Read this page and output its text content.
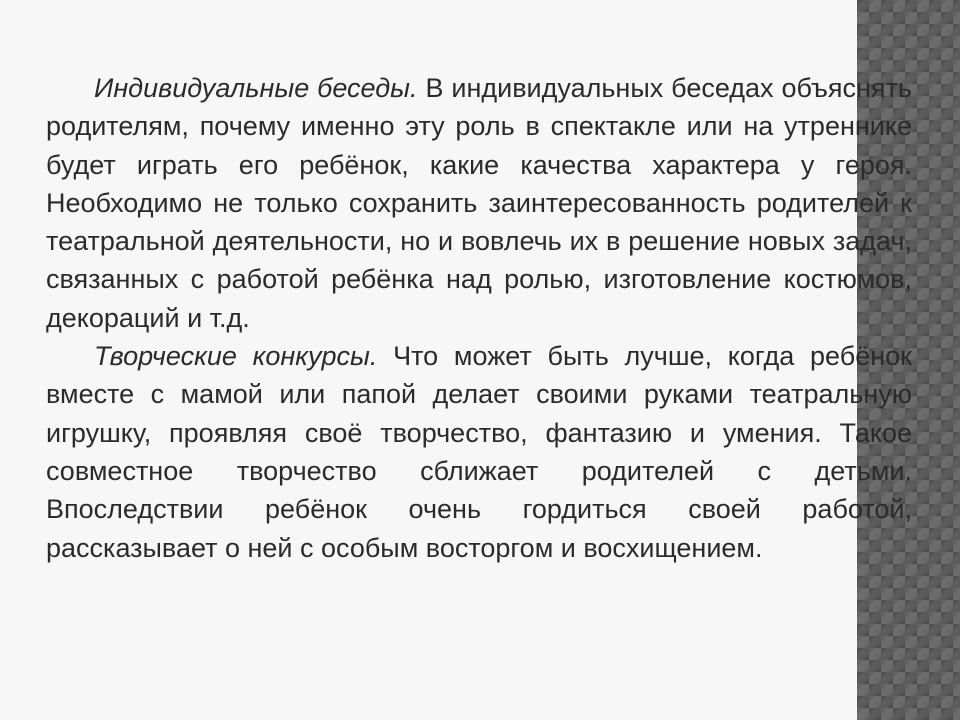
Индивидуальные беседы. В индивидуальных беседах объяснять родителям, почему именно эту роль в спектакле или на утреннике будет играть его ребёнок, какие качества характера у героя. Необходимо не только сохранить заинтересованность родителей к театральной деятельности, но и вовлечь их в решение новых задач, связанных с работой ребёнка над ролью, изготовление костюмов, декораций и т.д.

Творческие конкурсы. Что может быть лучше, когда ребёнок вместе с мамой или папой делает своими руками театральную игрушку, проявляя своё творчество, фантазию и умения. Такое совместное творчество сближает родителей с детьми. Впоследствии ребёнок очень гордиться своей работой, рассказывает о ней с особым восторгом и восхищением.
